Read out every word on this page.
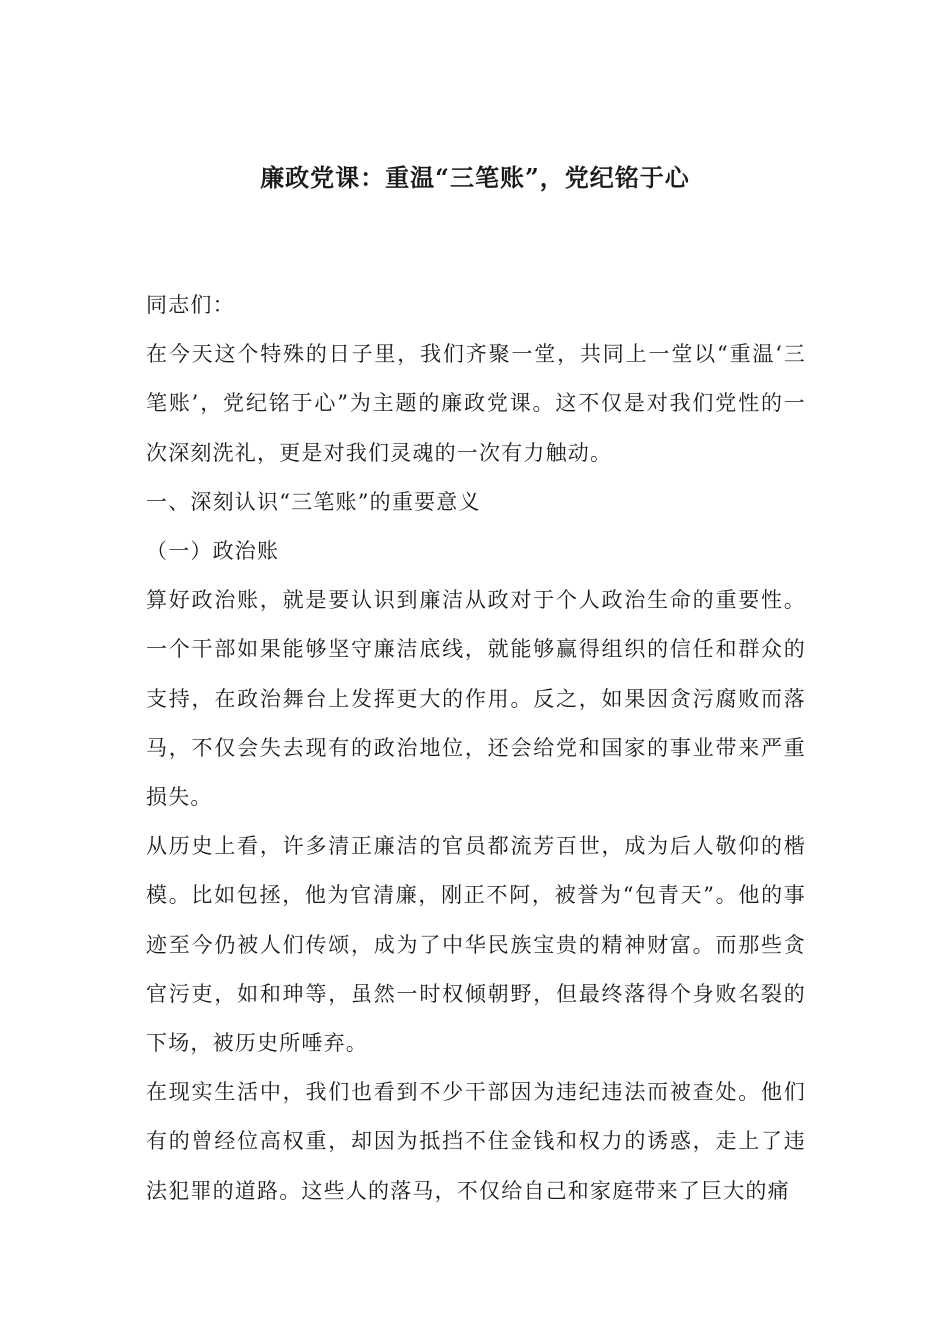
廉政党课：重温“三笔账”，党纪铭于心

同志们：

在今天这个特殊的日子里，我们齐聚一堂，共同上一堂以“重温‘三笔账’，党纪铭于心”为主题的廉政党课。这不仅是对我们党性的一次深刻洗礼，更是对我们灵魂的一次有力触动。

一、深刻认识“三笔账”的重要意义

（一）政治账

算好政治账，就是要认识到廉洁从政对于个人政治生命的重要性。一个干部如果能够坚守廉洁底线，就能够赢得组织的信任和群众的支持，在政治舞台上发挥更大的作用。反之，如果因贪污腐败而落马，不仅会失去现有的政治地位，还会给党和国家的事业带来严重损失。

从历史上看，许多清正廉洁的官员都流芳百世，成为后人敬仰的楷模。比如包拯，他为官清廉，刚正不阿，被誉为“包青天”。他的事迹至今仍被人们传颂，成为了中华民族宝贵的精神财富。而那些贪官污吏，如和珅等，虽然一时权倾朝野，但最终落得个身败名裂的下场，被历史所唾弃。

在现实生活中，我们也看到不少干部因为违纪违法而被查处。他们有的曾经位高权重，却因为抵挡不住金钱和权力的诱惑，走上了违法犯罪的道路。这些人的落马，不仅给自己和家庭带来了巨大的痛
